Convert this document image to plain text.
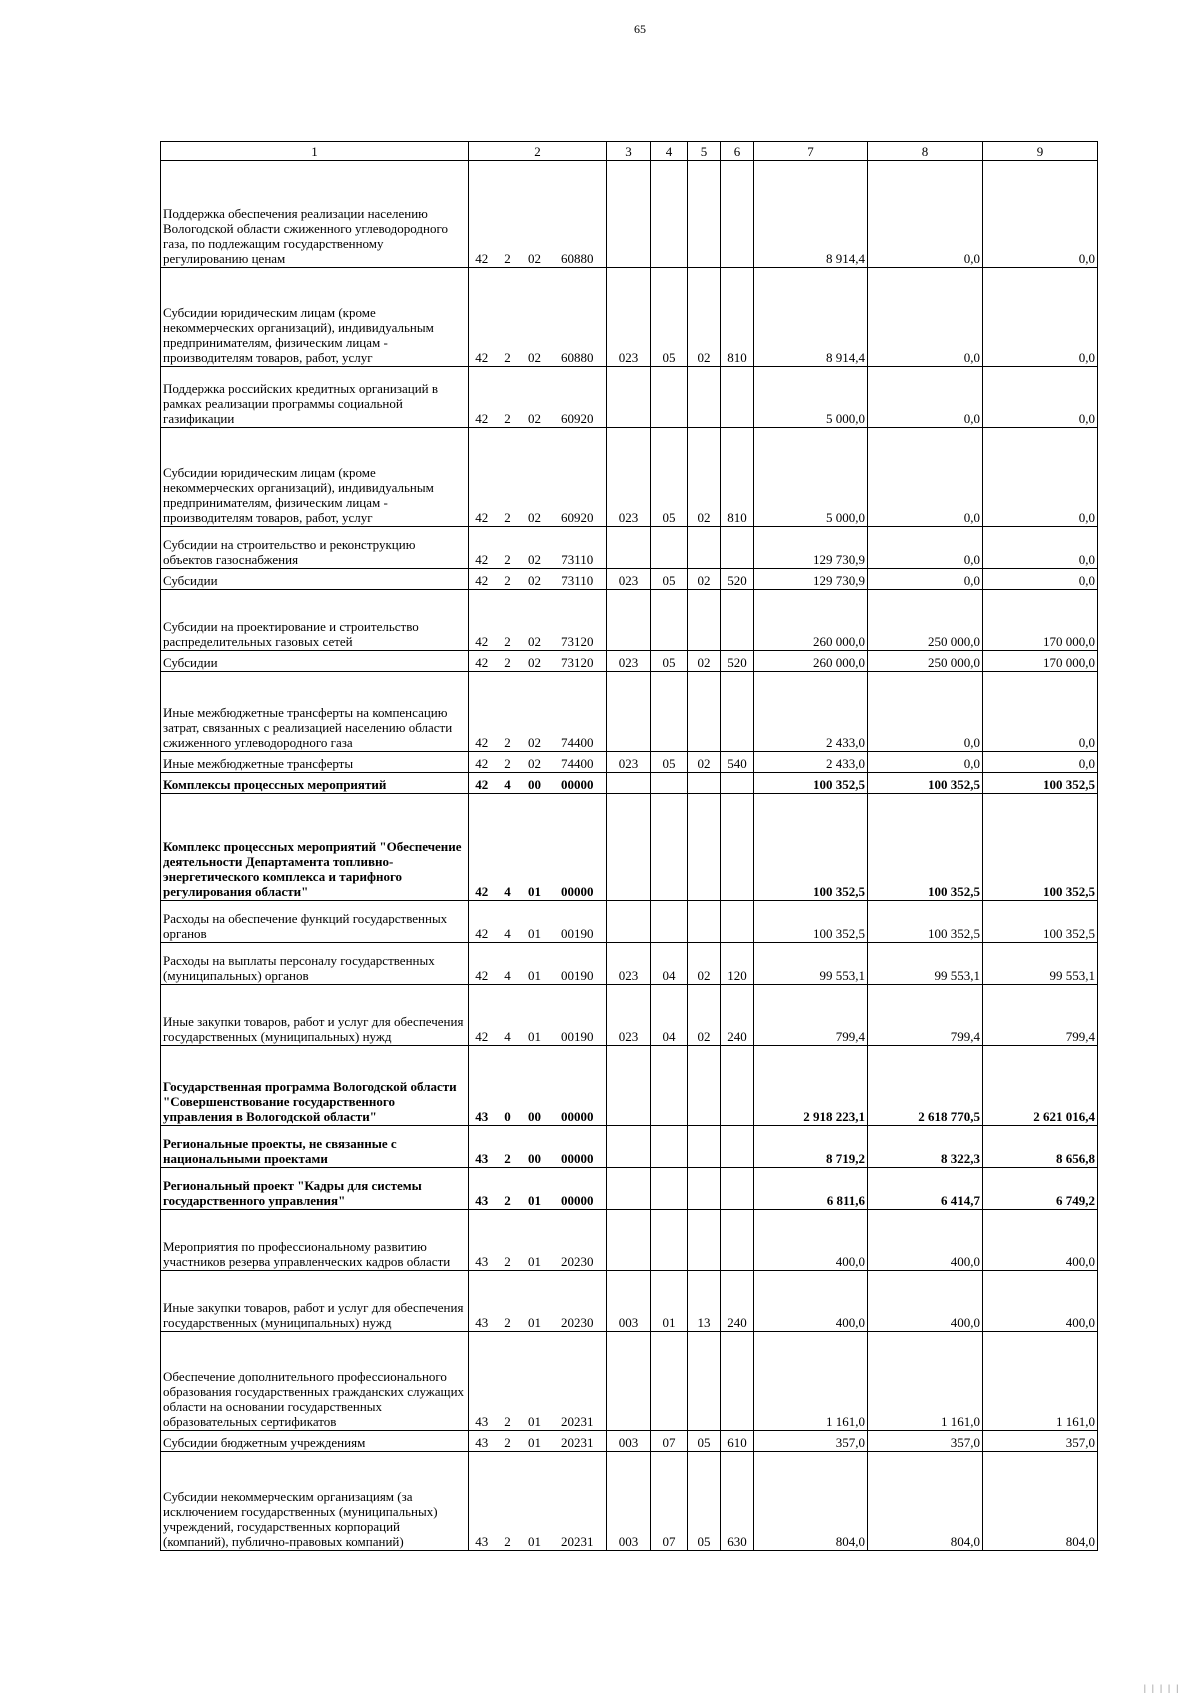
65
1	2				3	4	5	6	7	8	9
Поддержка обеспечения реализации населению Вологодской области сжиженного углеводородного газа, по подлежащим государственному регулированию ценам	42	2	02	60880					8 914,4	0,0	0,0
Субсидии юридическим лицам (кроме некоммерческих организаций), индивидуальным предпринимателям, физическим лицам - производителям товаров, работ, услуг	42	2	02	60880	023	05	02	810	8 914,4	0,0	0,0
Поддержка российских кредитных организаций в рамках реализации программы социальной газификации	42	2	02	60920					5 000,0	0,0	0,0
Субсидии юридическим лицам (кроме некоммерческих организаций), индивидуальным предпринимателям, физическим лицам - производителям товаров, работ, услуг	42	2	02	60920	023	05	02	810	5 000,0	0,0	0,0
Субсидии на строительство и реконструкцию объектов газоснабжения	42	2	02	73110					129 730,9	0,0	0,0
Субсидии	42	2	02	73110	023	05	02	520	129 730,9	0,0	0,0
Субсидии на проектирование и строительство распределительных газовых сетей	42	2	02	73120					260 000,0	250 000,0	170 000,0
Субсидии	42	2	02	73120	023	05	02	520	260 000,0	250 000,0	170 000,0
Иные межбюджетные трансферты на компенсацию затрат, связанных с реализацией населению области сжиженного углеводородного газа	42	2	02	74400					2 433,0	0,0	0,0
Иные межбюджетные трансферты	42	2	02	74400	023	05	02	540	2 433,0	0,0	0,0
Комплексы процессных мероприятий	42	4	00	00000					100 352,5	100 352,5	100 352,5
Комплекс процессных мероприятий "Обеспечение деятельности Департамента топливно-энергетического комплекса и тарифного регулирования области"	42	4	01	00000					100 352,5	100 352,5	100 352,5
Расходы на обеспечение функций государственных органов	42	4	01	00190					100 352,5	100 352,5	100 352,5
Расходы на выплаты персоналу государственных (муниципальных) органов	42	4	01	00190	023	04	02	120	99 553,1	99 553,1	99 553,1
Иные закупки товаров, работ и услуг для обеспечения государственных (муниципальных) нужд	42	4	01	00190	023	04	02	240	799,4	799,4	799,4
Государственная программа Вологодской области "Совершенствование государственного управления в Вологодской области"	43	0	00	00000					2 918 223,1	2 618 770,5	2 621 016,4
Региональные проекты, не связанные с национальными проектами	43	2	00	00000					8 719,2	8 322,3	8 656,8
Региональный проект "Кадры для системы государственного управления"	43	2	01	00000					6 811,6	6 414,7	6 749,2
Мероприятия по профессиональному развитию участников резерва управленческих кадров области	43	2	01	20230					400,0	400,0	400,0
Иные закупки товаров, работ и услуг для обеспечения государственных (муниципальных) нужд	43	2	01	20230	003	01	13	240	400,0	400,0	400,0
Обеспечение дополнительного профессионального образования государственных гражданских служащих области на основании государственных образовательных сертификатов	43	2	01	20231					1 161,0	1 161,0	1 161,0
Субсидии бюджетным учреждениям	43	2	01	20231	003	07	05	610	357,0	357,0	357,0
Субсидии некоммерческим организациям (за исключением государственных (муниципальных) учреждений, государственных корпораций (компаний), публично-правовых компаний)	43	2	01	20231	003	07	05	630	804,0	804,0	804,0
| | | | |
